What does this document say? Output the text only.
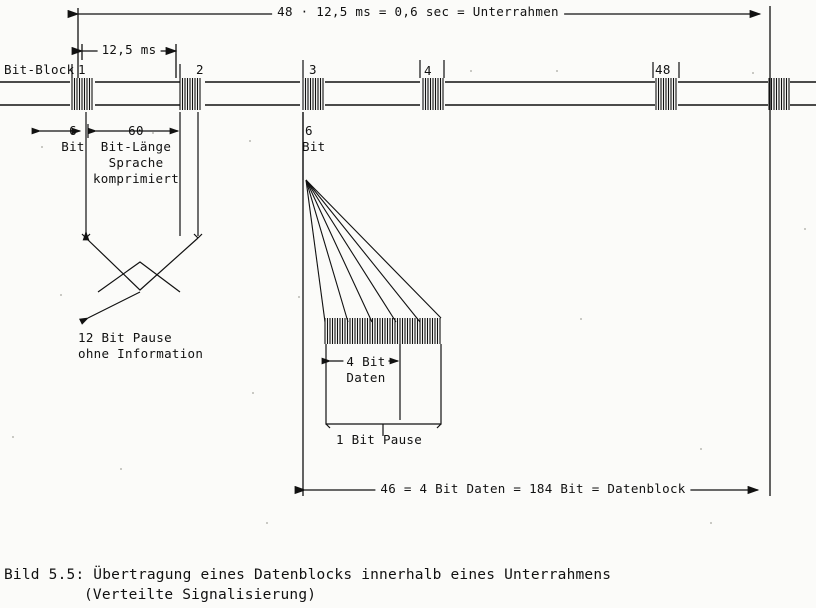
48 · 12,5 ms = 0,6 sec = Unterrahmen
12,5 ms
Bit-Block 1	2	3	4	48
6
Bit
60
Bit-Länge
Sprache
komprimiert
12 Bit Pause
ohne Information
6
Bit
4 Bit
Daten
1 Bit Pause
46 = 4 Bit Daten = 184 Bit = Datenblock
Bild 5.5: Übertragung eines Datenblocks innerhalb eines Unterrahmens
(Verteilte Signalisierung)
